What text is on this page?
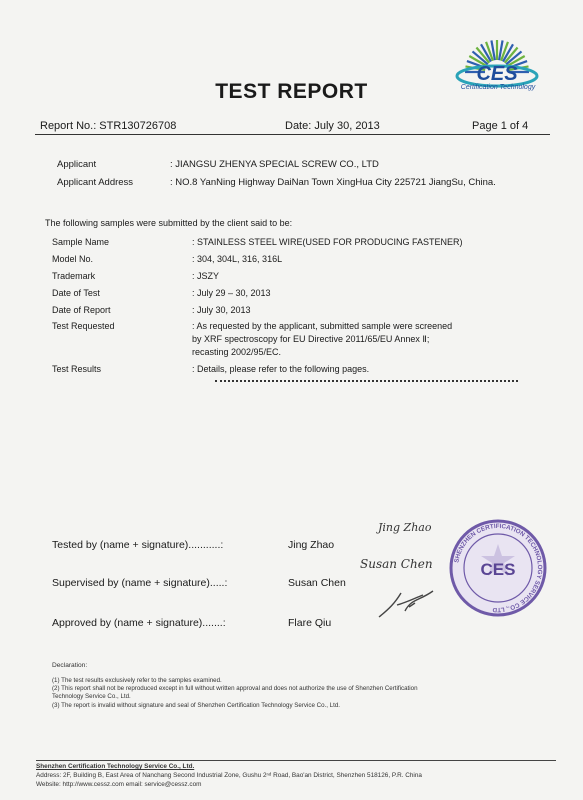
CES
Certification Technology
TEST REPORT
Report No.: STR130726708	Date: July 30, 2013	Page 1 of 4
Applicant	: JIANGSU ZHENYA SPECIAL SCREW CO., LTD
Applicant Address	: NO.8 YanNing Highway DaiNan Town XingHua City 225721 JiangSu, China.
The following samples were submitted by the client said to be:
Sample Name	: STAINLESS STEEL WIRE(USED FOR PRODUCING FASTENER)
Model No.	: 304, 304L, 316, 316L
Trademark	: JSZY
Date of Test	: July 29 – 30, 2013
Date of Report	: July 30, 2013
Test Requested	: As requested by the applicant, submitted sample were screened
by XRF spectroscopy for EU Directive 2011/65/EU Annex Ⅱ;
recasting 2002/95/EC.
Test Results	: Details, please refer to the following pages.
Tested by (name + signature)...........:	Jing Zhao
Supervised by (name + signature).....:	Susan Chen
Approved by (name + signature).......:	Flare Qiu
Jing Zhao
Susan Chen	SHENZHEN CERTIFICATION TECHNOLOGY SERVICE CO., LTD
CES
Declaration:
(1) The test results exclusively refer to the samples examined.
(2) This report shall not be reproduced except in full without written approval and does not authorize the use of Shenzhen Certification
Technology Service Co., Ltd.
(3) The report is invalid without signature and seal of Shenzhen Certification Technology Service Co., Ltd.
Shenzhen Certification Technology Service Co., Ltd.
Address: 2F, Building B, East Area of Nanchang Second Industrial Zone, Gushu 2ⁿᵈ Road, Bao'an District, Shenzhen 518126, P.R. China
Website: http://www.cessz.com email: service@cessz.com
